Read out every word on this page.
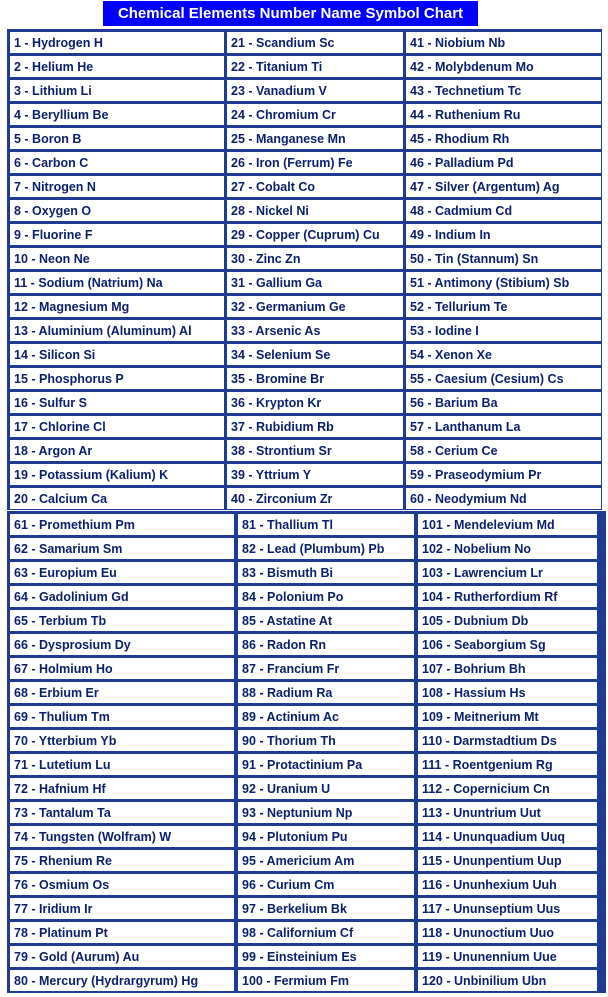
Chemical Elements Number Name Symbol Chart
1 - Hydrogen H	21 - Scandium Sc	41 - Niobium Nb
2 - Helium He	22 - Titanium Ti	42 - Molybdenum Mo
3 - Lithium Li	23 - Vanadium V	43 - Technetium Tc
4 - Beryllium Be	24 - Chromium Cr	44 - Ruthenium Ru
5 - Boron B	25 - Manganese Mn	45 - Rhodium Rh
6 - Carbon C	26 - Iron (Ferrum) Fe	46 - Palladium Pd
7 - Nitrogen N	27 - Cobalt Co	47 - Silver (Argentum) Ag
8 - Oxygen O	28 - Nickel Ni	48 - Cadmium Cd
9 - Fluorine F	29 - Copper (Cuprum) Cu	49 - Indium In
10 - Neon Ne	30 - Zinc Zn	50 - Tin (Stannum) Sn
11 - Sodium (Natrium) Na	31 - Gallium Ga	51 - Antimony (Stibium) Sb
12 - Magnesium Mg	32 - Germanium Ge	52 - Tellurium Te
13 - Aluminium (Aluminum) Al	33 - Arsenic As	53 - Iodine I
14 - Silicon Si	34 - Selenium Se	54 - Xenon Xe
15 - Phosphorus P	35 - Bromine Br	55 - Caesium (Cesium) Cs
16 - Sulfur S	36 - Krypton Kr	56 - Barium Ba
17 - Chlorine Cl	37 - Rubidium Rb	57 - Lanthanum La
18 - Argon Ar	38 - Strontium Sr	58 - Cerium Ce
19 - Potassium (Kalium) K	39 - Yttrium Y	59 - Praseodymium Pr
20 - Calcium Ca	40 - Zirconium Zr	60 - Neodymium Nd
61 - Promethium Pm	81 - Thallium Tl	101 - Mendelevium Md
62 - Samarium Sm	82 - Lead (Plumbum) Pb	102 - Nobelium No
63 - Europium Eu	83 - Bismuth Bi	103 - Lawrencium Lr
64 - Gadolinium Gd	84 - Polonium Po	104 - Rutherfordium Rf
65 - Terbium Tb	85 - Astatine At	105 - Dubnium Db
66 - Dysprosium Dy	86 - Radon Rn	106 - Seaborgium Sg
67 - Holmium Ho	87 - Francium Fr	107 - Bohrium Bh
68 - Erbium Er	88 - Radium Ra	108 - Hassium Hs
69 - Thulium Tm	89 - Actinium Ac	109 - Meitnerium Mt
70 - Ytterbium Yb	90 - Thorium Th	110 - Darmstadtium Ds
71 - Lutetium Lu	91 - Protactinium Pa	111 - Roentgenium Rg
72 - Hafnium Hf	92 - Uranium U	112 - Copernicium Cn
73 - Tantalum Ta	93 - Neptunium Np	113 - Ununtrium Uut
74 - Tungsten (Wolfram) W	94 - Plutonium Pu	114 - Ununquadium Uuq
75 - Rhenium Re	95 - Americium Am	115 - Ununpentium Uup
76 - Osmium Os	96 - Curium Cm	116 - Ununhexium Uuh
77 - Iridium Ir	97 - Berkelium Bk	117 - Ununseptium Uus
78 - Platinum Pt	98 - Californium Cf	118 - Ununoctium Uuo
79 - Gold (Aurum) Au	99 - Einsteinium Es	119 - Ununennium Uue
80 - Mercury (Hydrargyrum) Hg	100 - Fermium Fm	120 - Unbinilium Ubn
